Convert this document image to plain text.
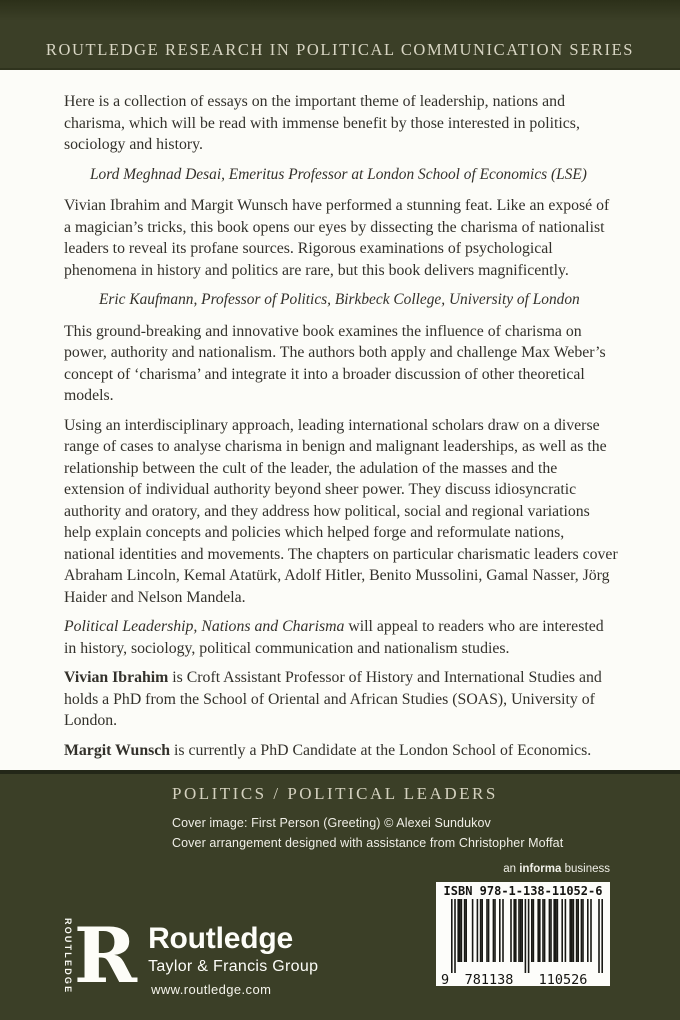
ROUTLEDGE RESEARCH IN POLITICAL COMMUNICATION SERIES

Here is a collection of essays on the important theme of leadership, nations and charisma, which will be read with immense benefit by those interested in politics, sociology and history.

Lord Meghnad Desai, Emeritus Professor at London School of Economics (LSE)

Vivian Ibrahim and Margit Wunsch have performed a stunning feat. Like an exposé of a magician’s tricks, this book opens our eyes by dissecting the charisma of nationalist leaders to reveal its profane sources. Rigorous examinations of psychological phenomena in history and politics are rare, but this book delivers magnificently.

Eric Kaufmann, Professor of Politics, Birkbeck College, University of London

This ground-breaking and innovative book examines the influence of charisma on power, authority and nationalism. The authors both apply and challenge Max Weber’s concept of ‘charisma’ and integrate it into a broader discussion of other theoretical models.

Using an interdisciplinary approach, leading international scholars draw on a diverse range of cases to analyse charisma in benign and malignant leaderships, as well as the relationship between the cult of the leader, the adulation of the masses and the extension of individual authority beyond sheer power. They discuss idiosyncratic authority and oratory, and they address how political, social and regional variations help explain concepts and policies which helped forge and reformulate nations, national identities and movements. The chapters on particular charismatic leaders cover Abraham Lincoln, Kemal Atatürk, Adolf Hitler, Benito Mussolini, Gamal Nasser, Jörg Haider and Nelson Mandela.

Political Leadership, Nations and Charisma will appeal to readers who are interested in history, sociology, political communication and nationalism studies.

Vivian Ibrahim is Croft Assistant Professor of History and International Studies and holds a PhD from the School of Oriental and African Studies (SOAS), University of London.

Margit Wunsch is currently a PhD Candidate at the London School of Economics.

POLITICS / POLITICAL LEADERS
Cover image: First Person (Greeting) © Alexei Sundukov
Cover arrangement designed with assistance from Christopher Moffat
an informa business
ISBN 978-1-138-11052-6
9 781138 110526
ROUTLEDGE R Routledge
Taylor & Francis Group
www.routledge.com
